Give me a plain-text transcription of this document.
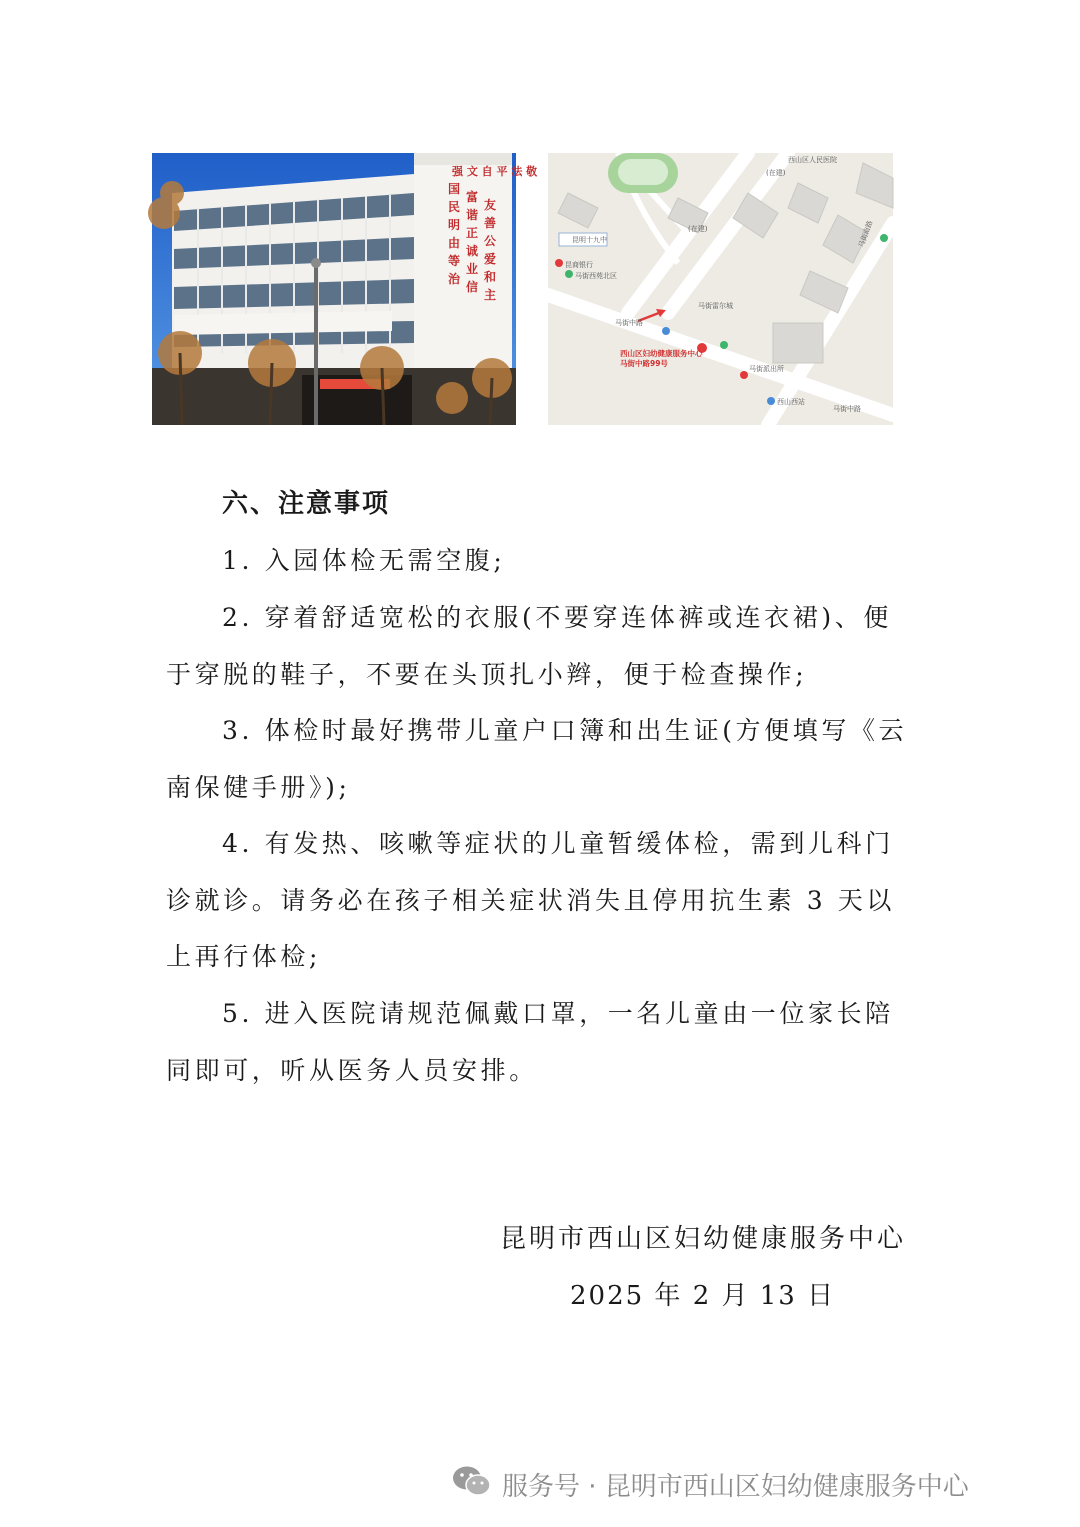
强 文 自 平 法 敬
国
民
明
由
等
治
富
谐
正
诚
业
信
友
善
公
爱
和
主
西山区人民医院
(在建)
(在建)
昆明十九中
昆商银行
马街西苑北区
马街雷尔城
马街中路
马街派出所
西山西站
马街中路
马街南路
西山区妇幼健康服务中心
马街中路99号
六、注意事项

1. 入园体检无需空腹;

2. 穿着舒适宽松的衣服(不要穿连体裤或连衣裙)、便于穿脱的鞋子，不要在头顶扎小辫，便于检查操作;

3. 体检时最好携带儿童户口簿和出生证(方便填写《云南保健手册》);

4. 有发热、咳嗽等症状的儿童暂缓体检，需到儿科门诊就诊。请务必在孩子相关症状消失且停用抗生素 3 天以上再行体检;

5. 进入医院请规范佩戴口罩，一名儿童由一位家长陪同即可，听从医务人员安排。

昆明市西山区妇幼健康服务中心

2025 年 2 月 13 日

服务号 · 昆明市西山区妇幼健康服务中心
